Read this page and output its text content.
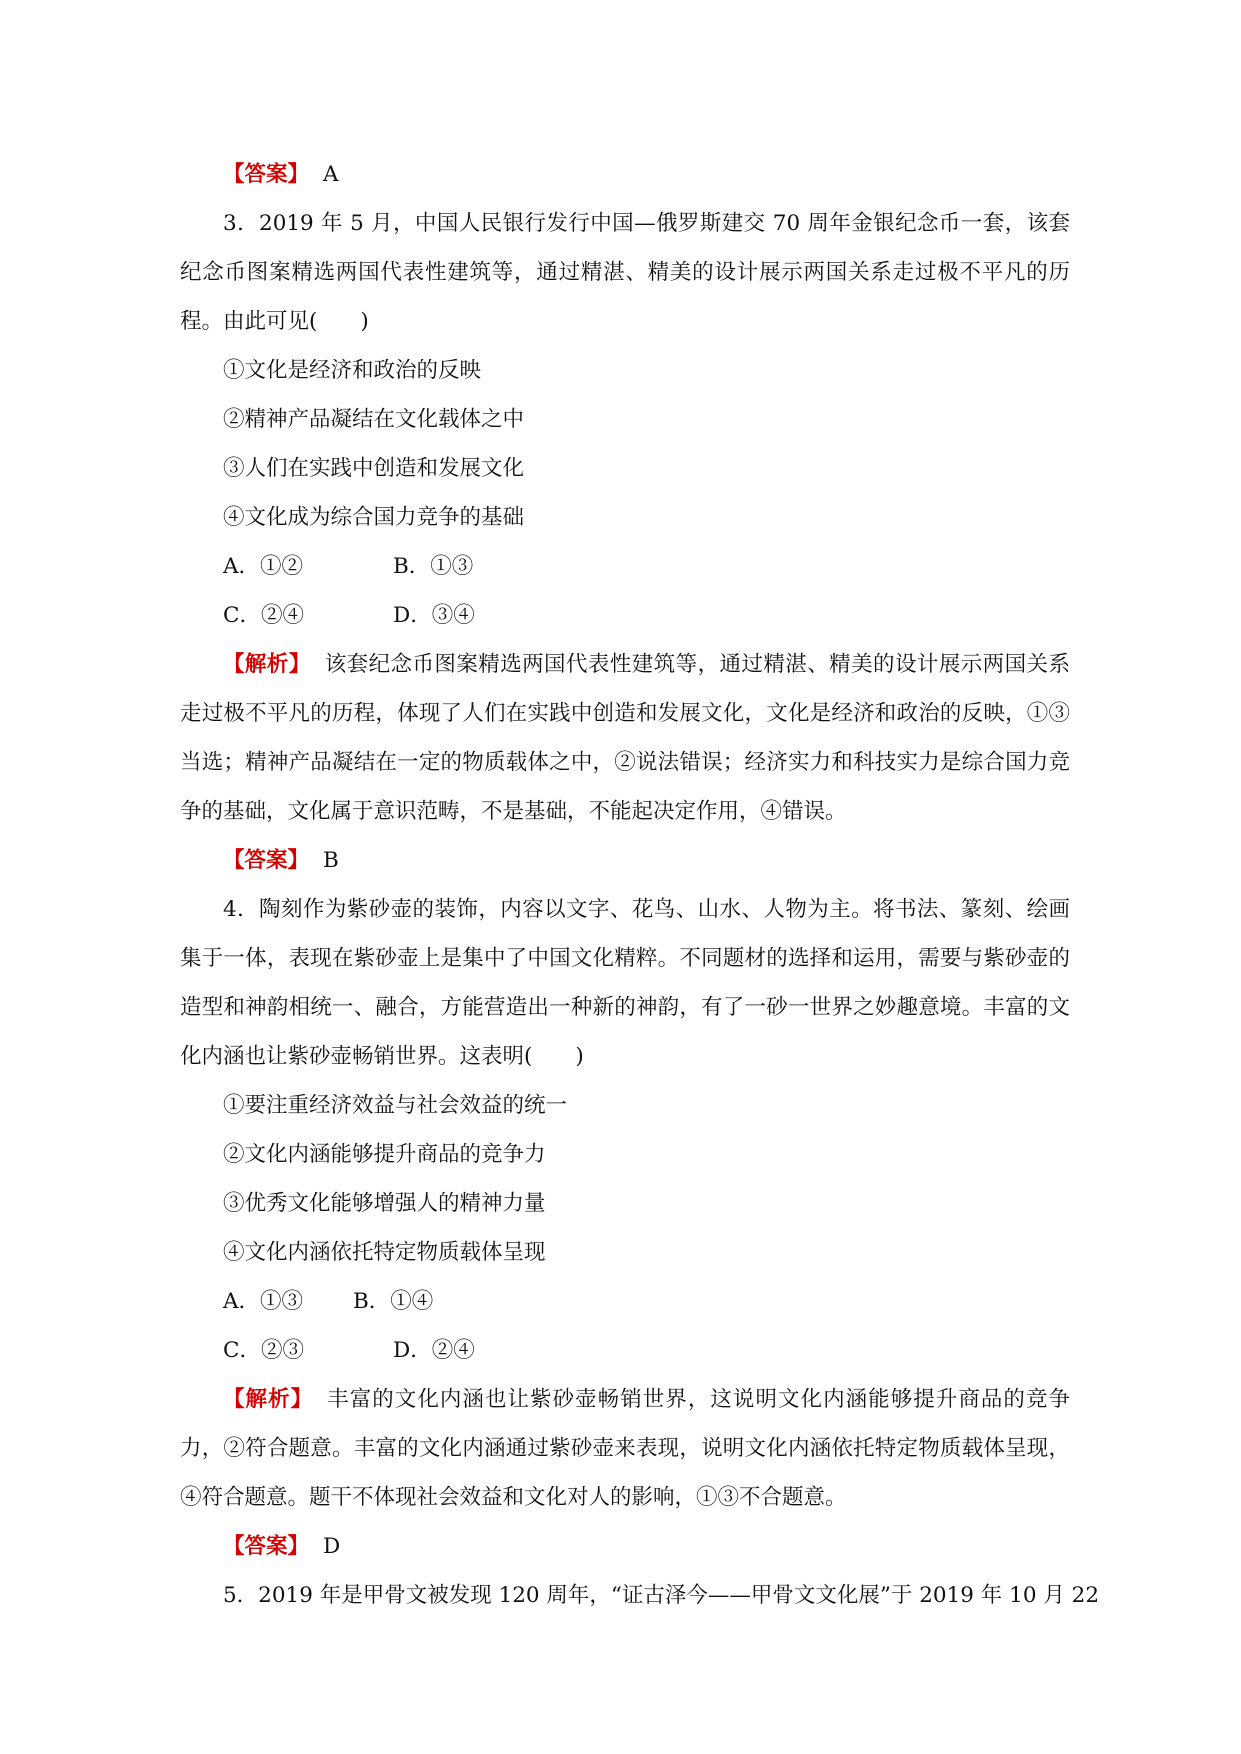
【答案】 A
3．2019 年 5 月，中国人民银行发行中国—俄罗斯建交 70 周年金银纪念币一套，该套纪念币图案精选两国代表性建筑等，通过精湛、精美的设计展示两国关系走过极不平凡的历程。由此可见(　　)
①文化是经济和政治的反映
②精神产品凝结在文化载体之中
③人们在实践中创造和发展文化
④文化成为综合国力竞争的基础
A．①②	B．①③
C．②④	D．③④
【解析】 该套纪念币图案精选两国代表性建筑等，通过精湛、精美的设计展示两国关系走过极不平凡的历程，体现了人们在实践中创造和发展文化，文化是经济和政治的反映，①③当选；精神产品凝结在一定的物质载体之中，②说法错误；经济实力和科技实力是综合国力竞争的基础，文化属于意识范畴，不是基础，不能起决定作用，④错误。
【答案】 B
4．陶刻作为紫砂壶的装饰，内容以文字、花鸟、山水、人物为主。将书法、篆刻、绘画集于一体，表现在紫砂壶上是集中了中国文化精粹。不同题材的选择和运用，需要与紫砂壶的造型和神韵相统一、融合，方能营造出一种新的神韵，有了一砂一世界之妙趣意境。丰富的文化内涵也让紫砂壶畅销世界。这表明(　　)
①要注重经济效益与社会效益的统一
②文化内涵能够提升商品的竞争力
③优秀文化能够增强人的精神力量
④文化内涵依托特定物质载体呈现
A．①③ B．①④
C．②③	D．②④
【解析】 丰富的文化内涵也让紫砂壶畅销世界，这说明文化内涵能够提升商品的竞争力，②符合题意。丰富的文化内涵通过紫砂壶来表现，说明文化内涵依托特定物质载体呈现，④符合题意。题干不体现社会效益和文化对人的影响，①③不合题意。
【答案】 D
5．2019 年是甲骨文被发现 120 周年，“证古泽今——甲骨文文化展”于 2019 年 10 月 22
